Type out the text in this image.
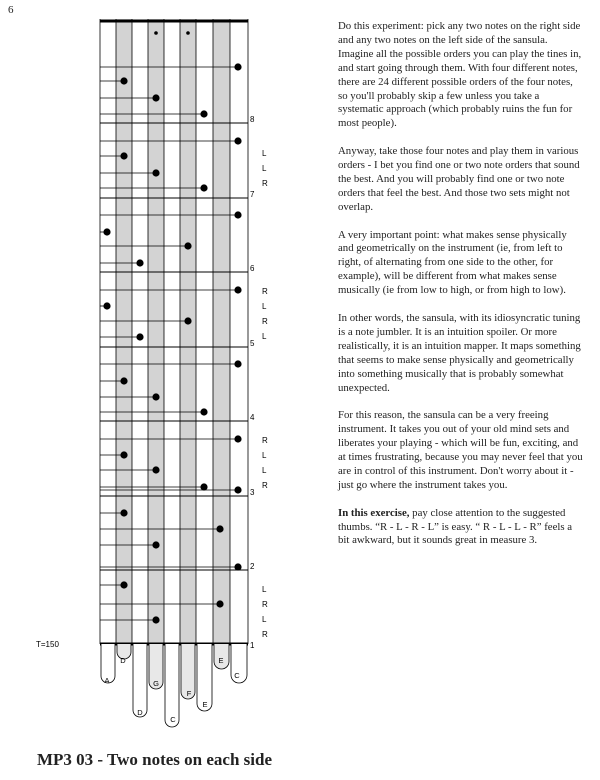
6
1
2
3
4
5
6
7
8
L
R
L
R
R
L
L
R
R
L
R
L
L
L
R
T=150
A
D
D
G
C
F
E
E
C

Do this experiment: pick any two notes on the right side and any two notes on the left side of the sansula. Imagine all the possible orders you can play the tines in, and start going through them. With four different notes, there are 24 different possible orders of the four notes, so you'll probably skip a few unless you take a systematic approach (which probably ruins the fun for most people).

Anyway, take those four notes and play them in various orders - I bet you find one or two note orders that sound the best. And you will probably find one or two note orders that feel the best. And those two sets might not overlap.

A very important point: what makes sense physically and geometrically on the instrument (ie, from left to right, of alternating from one side to the other, for example), will be different from what makes sense musically (ie from low to high, or from high to low).

In other words, the sansula, with its idiosyncratic tuning is a note jumbler. It is an intuition spoiler. Or more realistically, it is an intuition mapper. It maps something that seems to make sense physically and geometrically into something musically that is probably somewhat unexpected.

For this reason, the sansula can be a very freeing instrument. It takes you out of your old mind sets and liberates your playing - which will be fun, exciting, and at times frustrating, because you may never feel that you are in control of this instrument. Don't worry about it - just go where the instrument takes you.

In this exercise, pay close attention to the suggested thumbs. “R - L - R - L” is easy. “ R - L - L - R” feels a bit awkward, but it sounds great in measure 3.

MP3 03 - Two notes on each side
